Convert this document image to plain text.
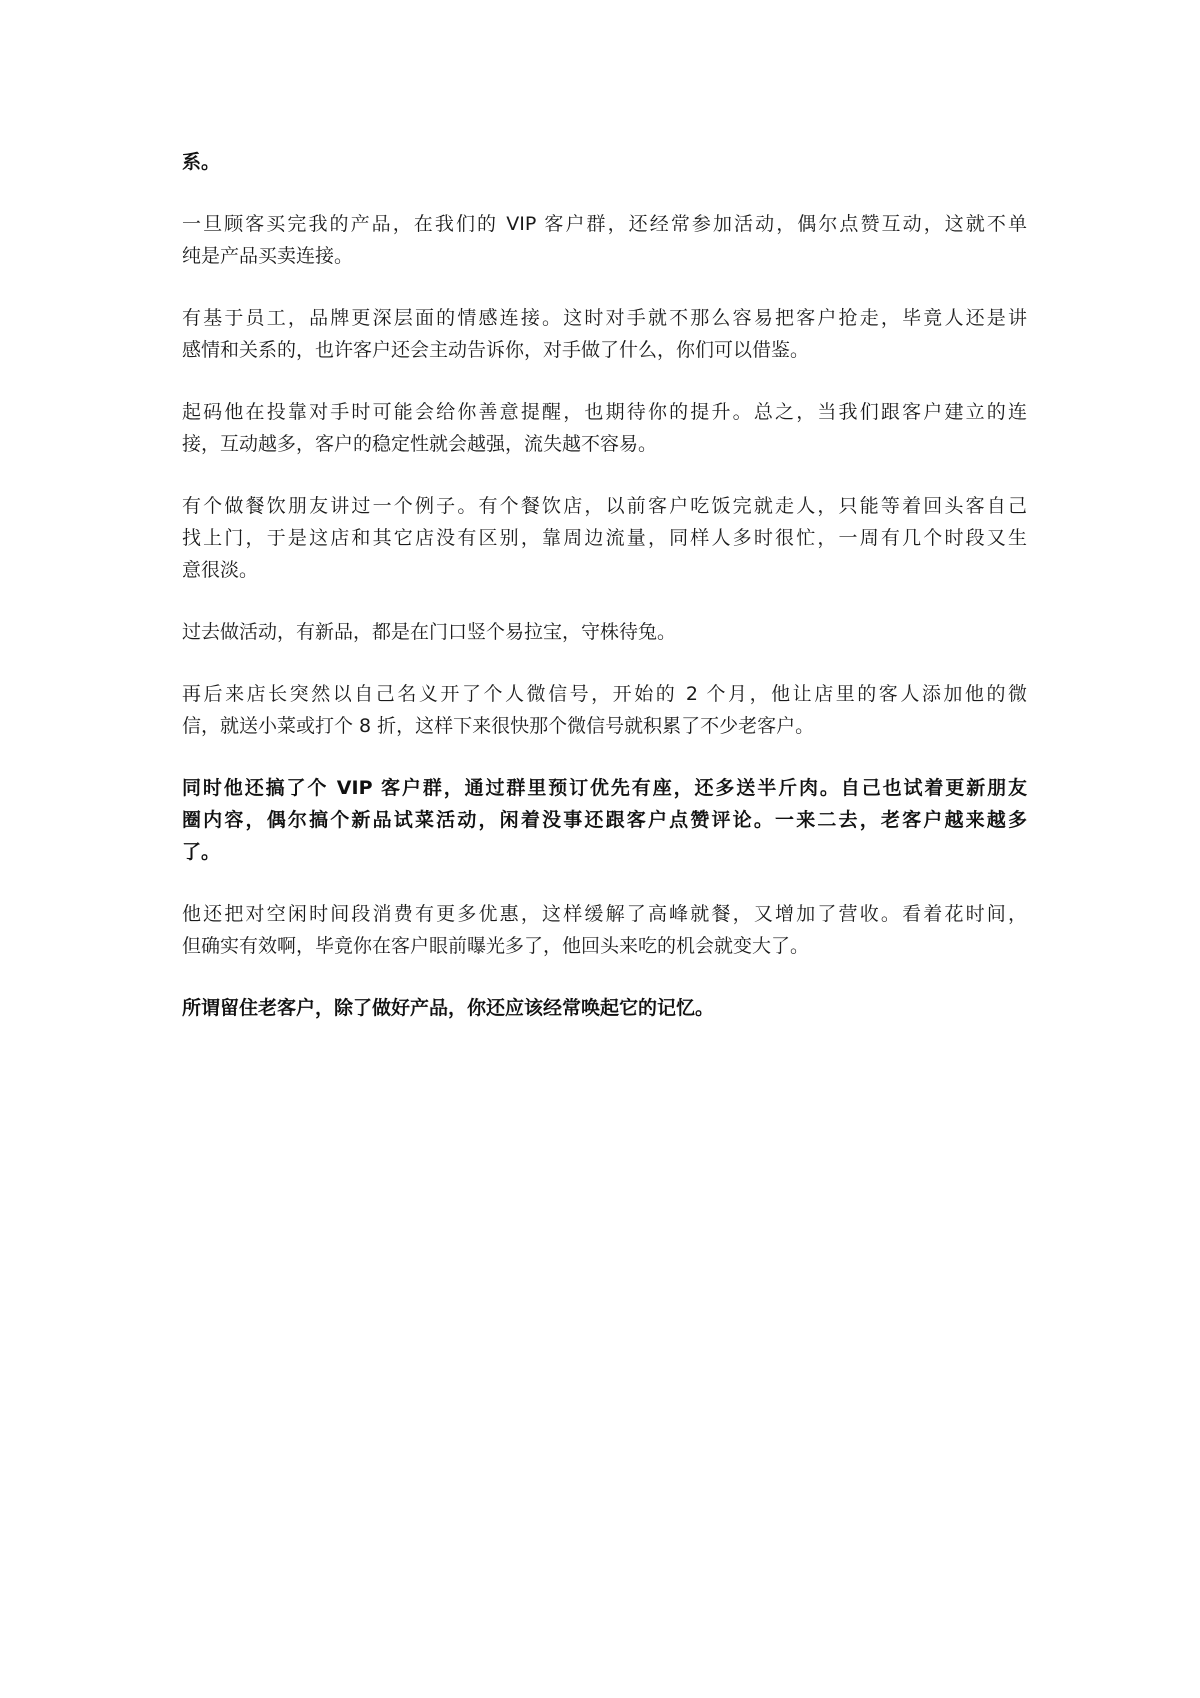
系。

一旦顾客买完我的产品，在我们的 VIP 客户群，还经常参加活动，偶尔点赞互动，这就不单
纯是产品买卖连接。

有基于员工，品牌更深层面的情感连接。这时对手就不那么容易把客户抢走，毕竟人还是讲
感情和关系的，也许客户还会主动告诉你，对手做了什么，你们可以借鉴。

起码他在投靠对手时可能会给你善意提醒，也期待你的提升。总之，当我们跟客户建立的连
接，互动越多，客户的稳定性就会越强，流失越不容易。

有个做餐饮朋友讲过一个例子。有个餐饮店，以前客户吃饭完就走人，只能等着回头客自己
找上门，于是这店和其它店没有区别，靠周边流量，同样人多时很忙，一周有几个时段又生
意很淡。

过去做活动，有新品，都是在门口竖个易拉宝，守株待兔。

再后来店长突然以自己名义开了个人微信号，开始的 2 个月，他让店里的客人添加他的微
信，就送小菜或打个 8 折，这样下来很快那个微信号就积累了不少老客户。

同时他还搞了个 VIP 客户群，通过群里预订优先有座，还多送半斤肉。自己也试着更新朋友
圈内容，偶尔搞个新品试菜活动，闲着没事还跟客户点赞评论。一来二去，老客户越来越多
了。

他还把对空闲时间段消费有更多优惠，这样缓解了高峰就餐，又增加了营收。看着花时间，
但确实有效啊，毕竟你在客户眼前曝光多了，他回头来吃的机会就变大了。

所谓留住老客户，除了做好产品，你还应该经常唤起它的记忆。
